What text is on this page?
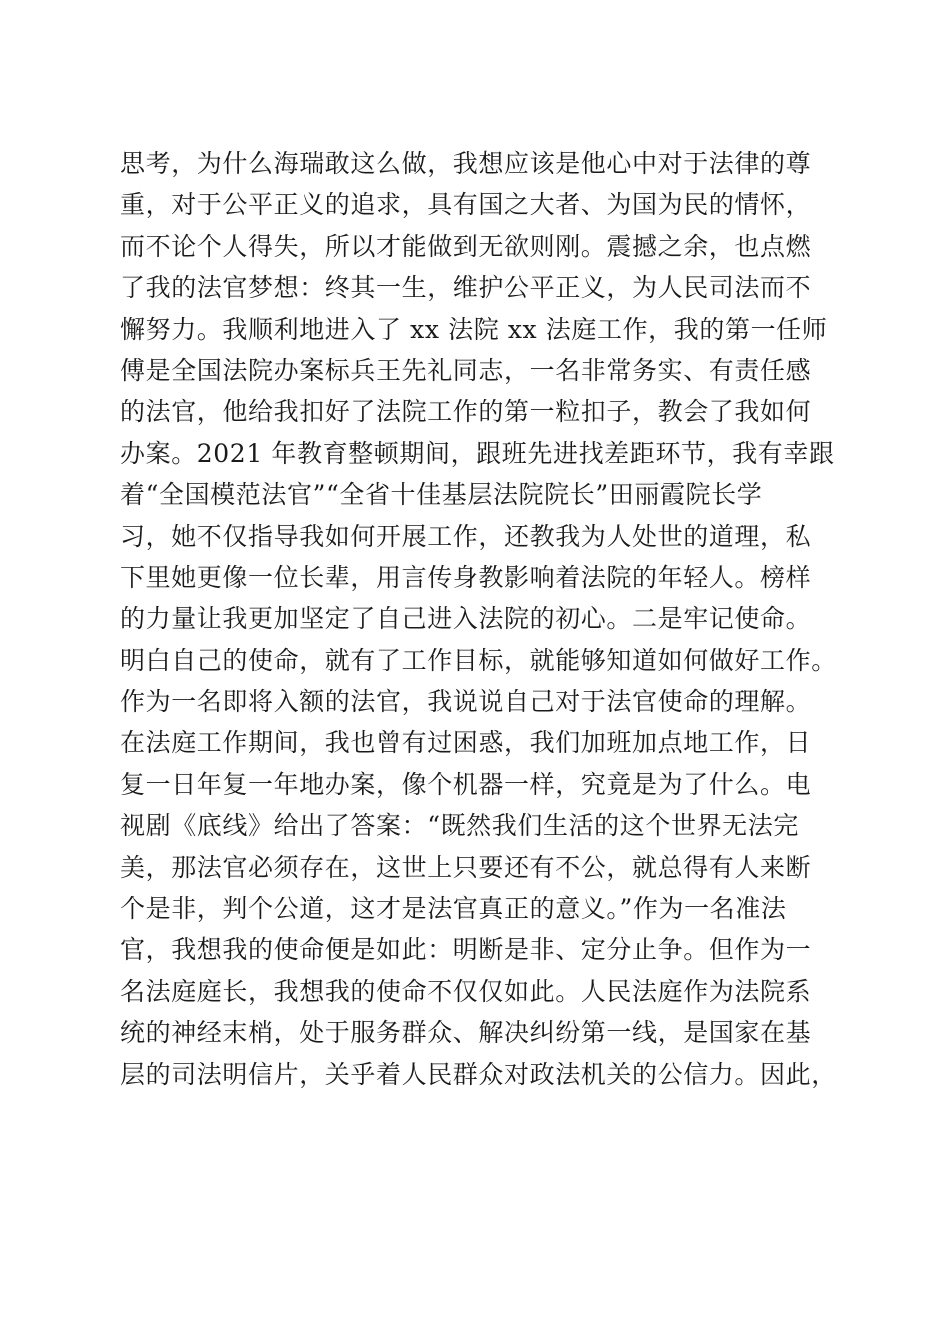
思考，为什么海瑞敢这么做，我想应该是他心中对于法律的尊
重，对于公平正义的追求，具有国之大者、为国为民的情怀，
而不论个人得失，所以才能做到无欲则刚。震撼之余，也点燃
了我的法官梦想：终其一生，维护公平正义，为人民司法而不
懈努力。我顺利地进入了 xx 法院 xx 法庭工作，我的第一任师
傅是全国法院办案标兵王先礼同志，一名非常务实、有责任感
的法官，他给我扣好了法院工作的第一粒扣子，教会了我如何
办案。2021 年教育整顿期间，跟班先进找差距环节，我有幸跟
着“全国模范法官”“全省十佳基层法院院长”田丽霞院长学
习，她不仅指导我如何开展工作，还教我为人处世的道理，私
下里她更像一位长辈，用言传身教影响着法院的年轻人。榜样
的力量让我更加坚定了自己进入法院的初心。二是牢记使命。
明白自己的使命，就有了工作目标，就能够知道如何做好工作。
作为一名即将入额的法官，我说说自己对于法官使命的理解。
在法庭工作期间，我也曾有过困惑，我们加班加点地工作，日
复一日年复一年地办案，像个机器一样，究竟是为了什么。电
视剧《底线》给出了答案：“既然我们生活的这个世界无法完
美，那法官必须存在，这世上只要还有不公，就总得有人来断
个是非，判个公道，这才是法官真正的意义。”作为一名准法
官，我想我的使命便是如此：明断是非、定分止争。但作为一
名法庭庭长，我想我的使命不仅仅如此。人民法庭作为法院系
统的神经末梢，处于服务群众、解决纠纷第一线，是国家在基
层的司法明信片，关乎着人民群众对政法机关的公信力。因此，
